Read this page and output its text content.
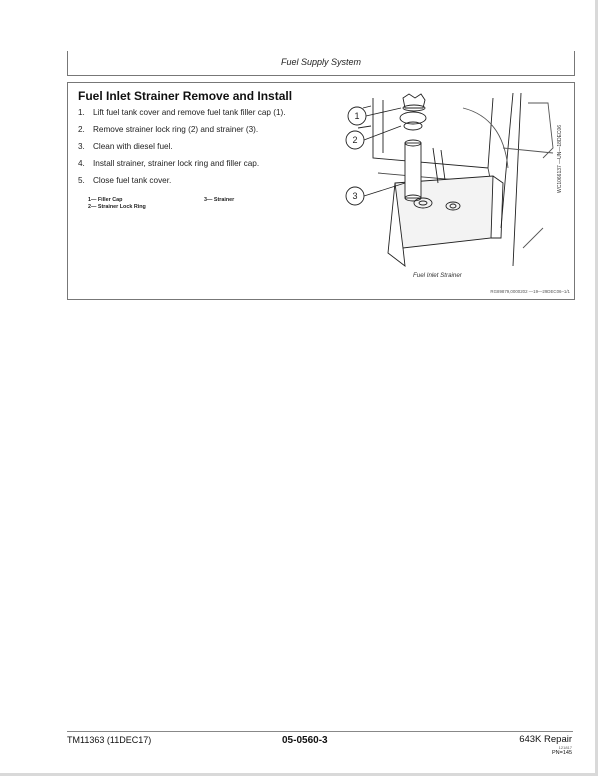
Fuel Supply System
Fuel Inlet Strainer Remove and Install
1. Lift fuel tank cover and remove fuel tank filler cap (1).
2. Remove strainer lock ring (2) and strainer (3).
3. Clean with diesel fuel.
4. Install strainer, strainer lock ring and filler cap.
5. Close fuel tank cover.
1— Filler Cap	3— Strainer
2— Strainer Lock Ring
1
2
3
WC1066137 —UN—18DEC06
Fuel Inlet Strainer
RG89879,0000202 —19—29DEC06–1/1
TM11363 (11DEC17)	05-0560-3	643K Repair
121817
PN=145
